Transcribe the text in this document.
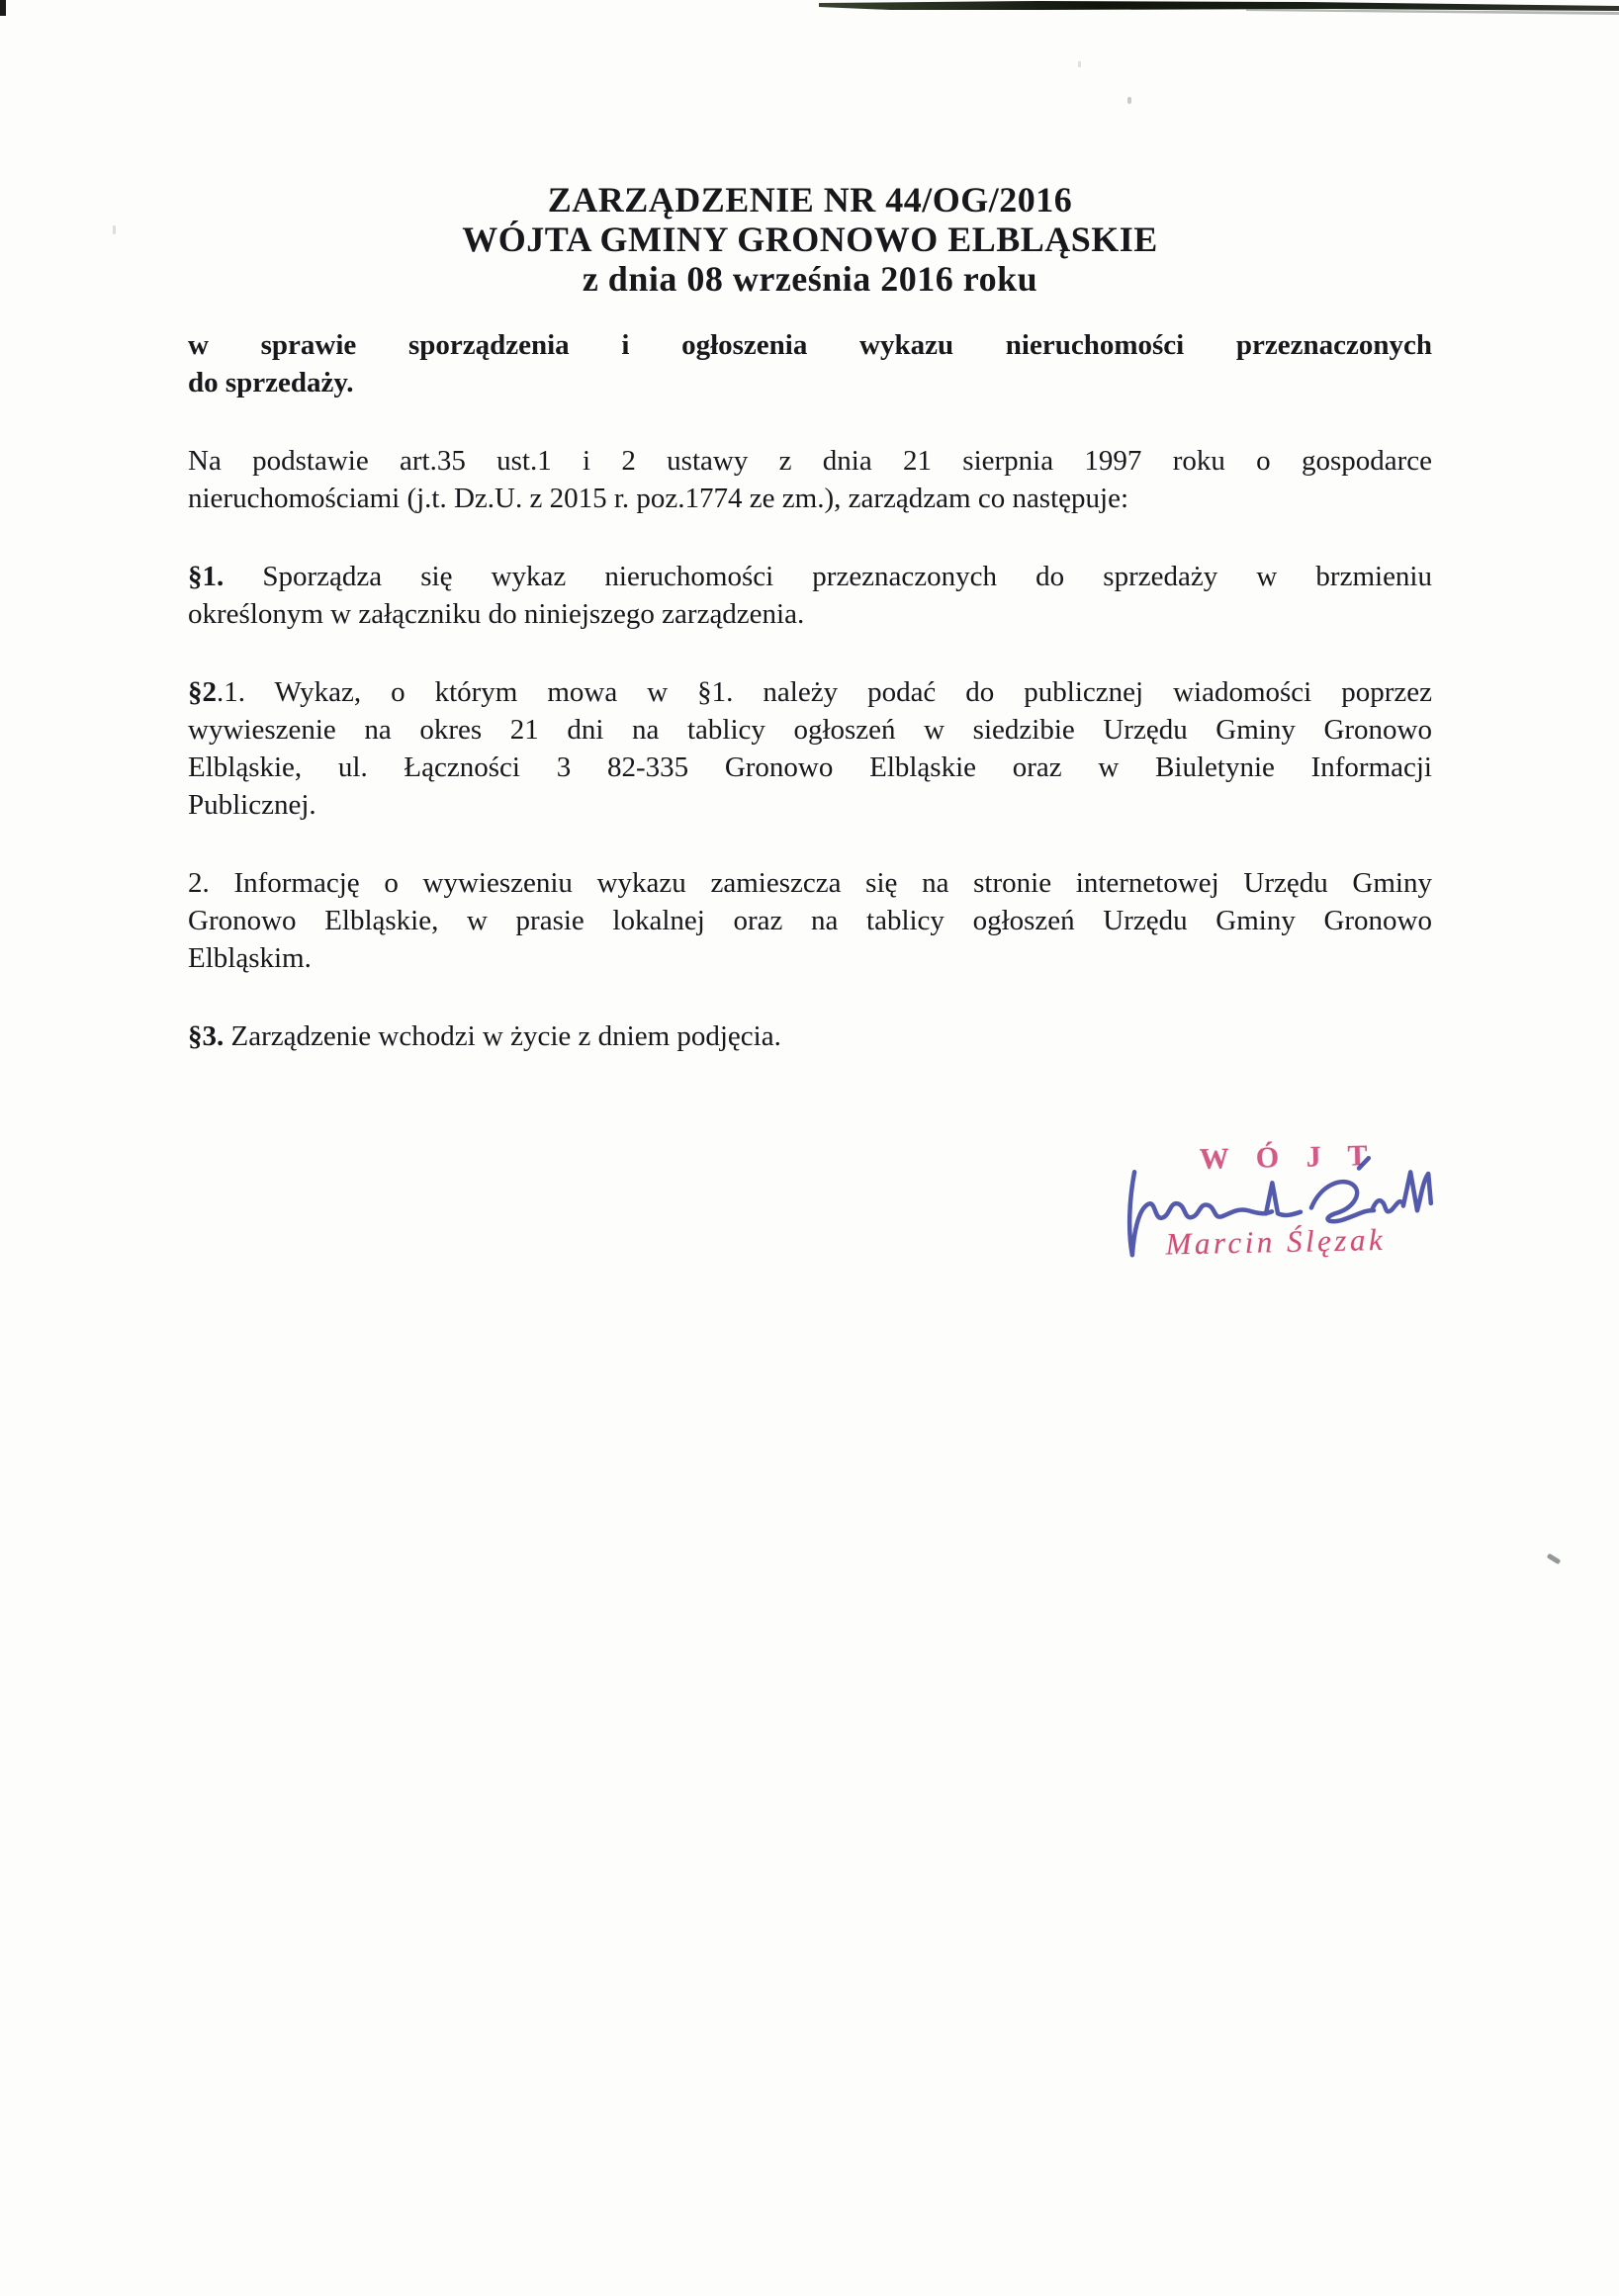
ZARZĄDZENIE NR 44/OG/2016
WÓJTA GMINY GRONOWO ELBLĄSKIE
z dnia 08 września 2016 roku
w sprawie sporządzenia i ogłoszenia wykazu nieruchomości przeznaczonych
do sprzedaży.
Na podstawie art.35 ust.1 i 2 ustawy z dnia 21 sierpnia 1997 roku o gospodarce
nieruchomościami (j.t. Dz.U. z 2015 r. poz.1774 ze zm.), zarządzam co następuje:
§1. Sporządza się wykaz nieruchomości przeznaczonych do sprzedaży w brzmieniu
określonym w załączniku do niniejszego zarządzenia.
§2.1. Wykaz, o którym mowa w §1. należy podać do publicznej wiadomości poprzez
wywieszenie na okres 21 dni na tablicy ogłoszeń w siedzibie Urzędu Gminy Gronowo
Elbląskie, ul. Łączności 3 82-335 Gronowo Elbląskie oraz w Biuletynie Informacji
Publicznej.
2. Informację o wywieszeniu wykazu zamieszcza się na stronie internetowej Urzędu Gminy
Gronowo Elbląskie, w prasie lokalnej oraz na tablicy ogłoszeń Urzędu Gminy Gronowo
Elbląskim.
§3. Zarządzenie wchodzi w życie z dniem podjęcia.
W Ó J T
Marcin Ślęzak
